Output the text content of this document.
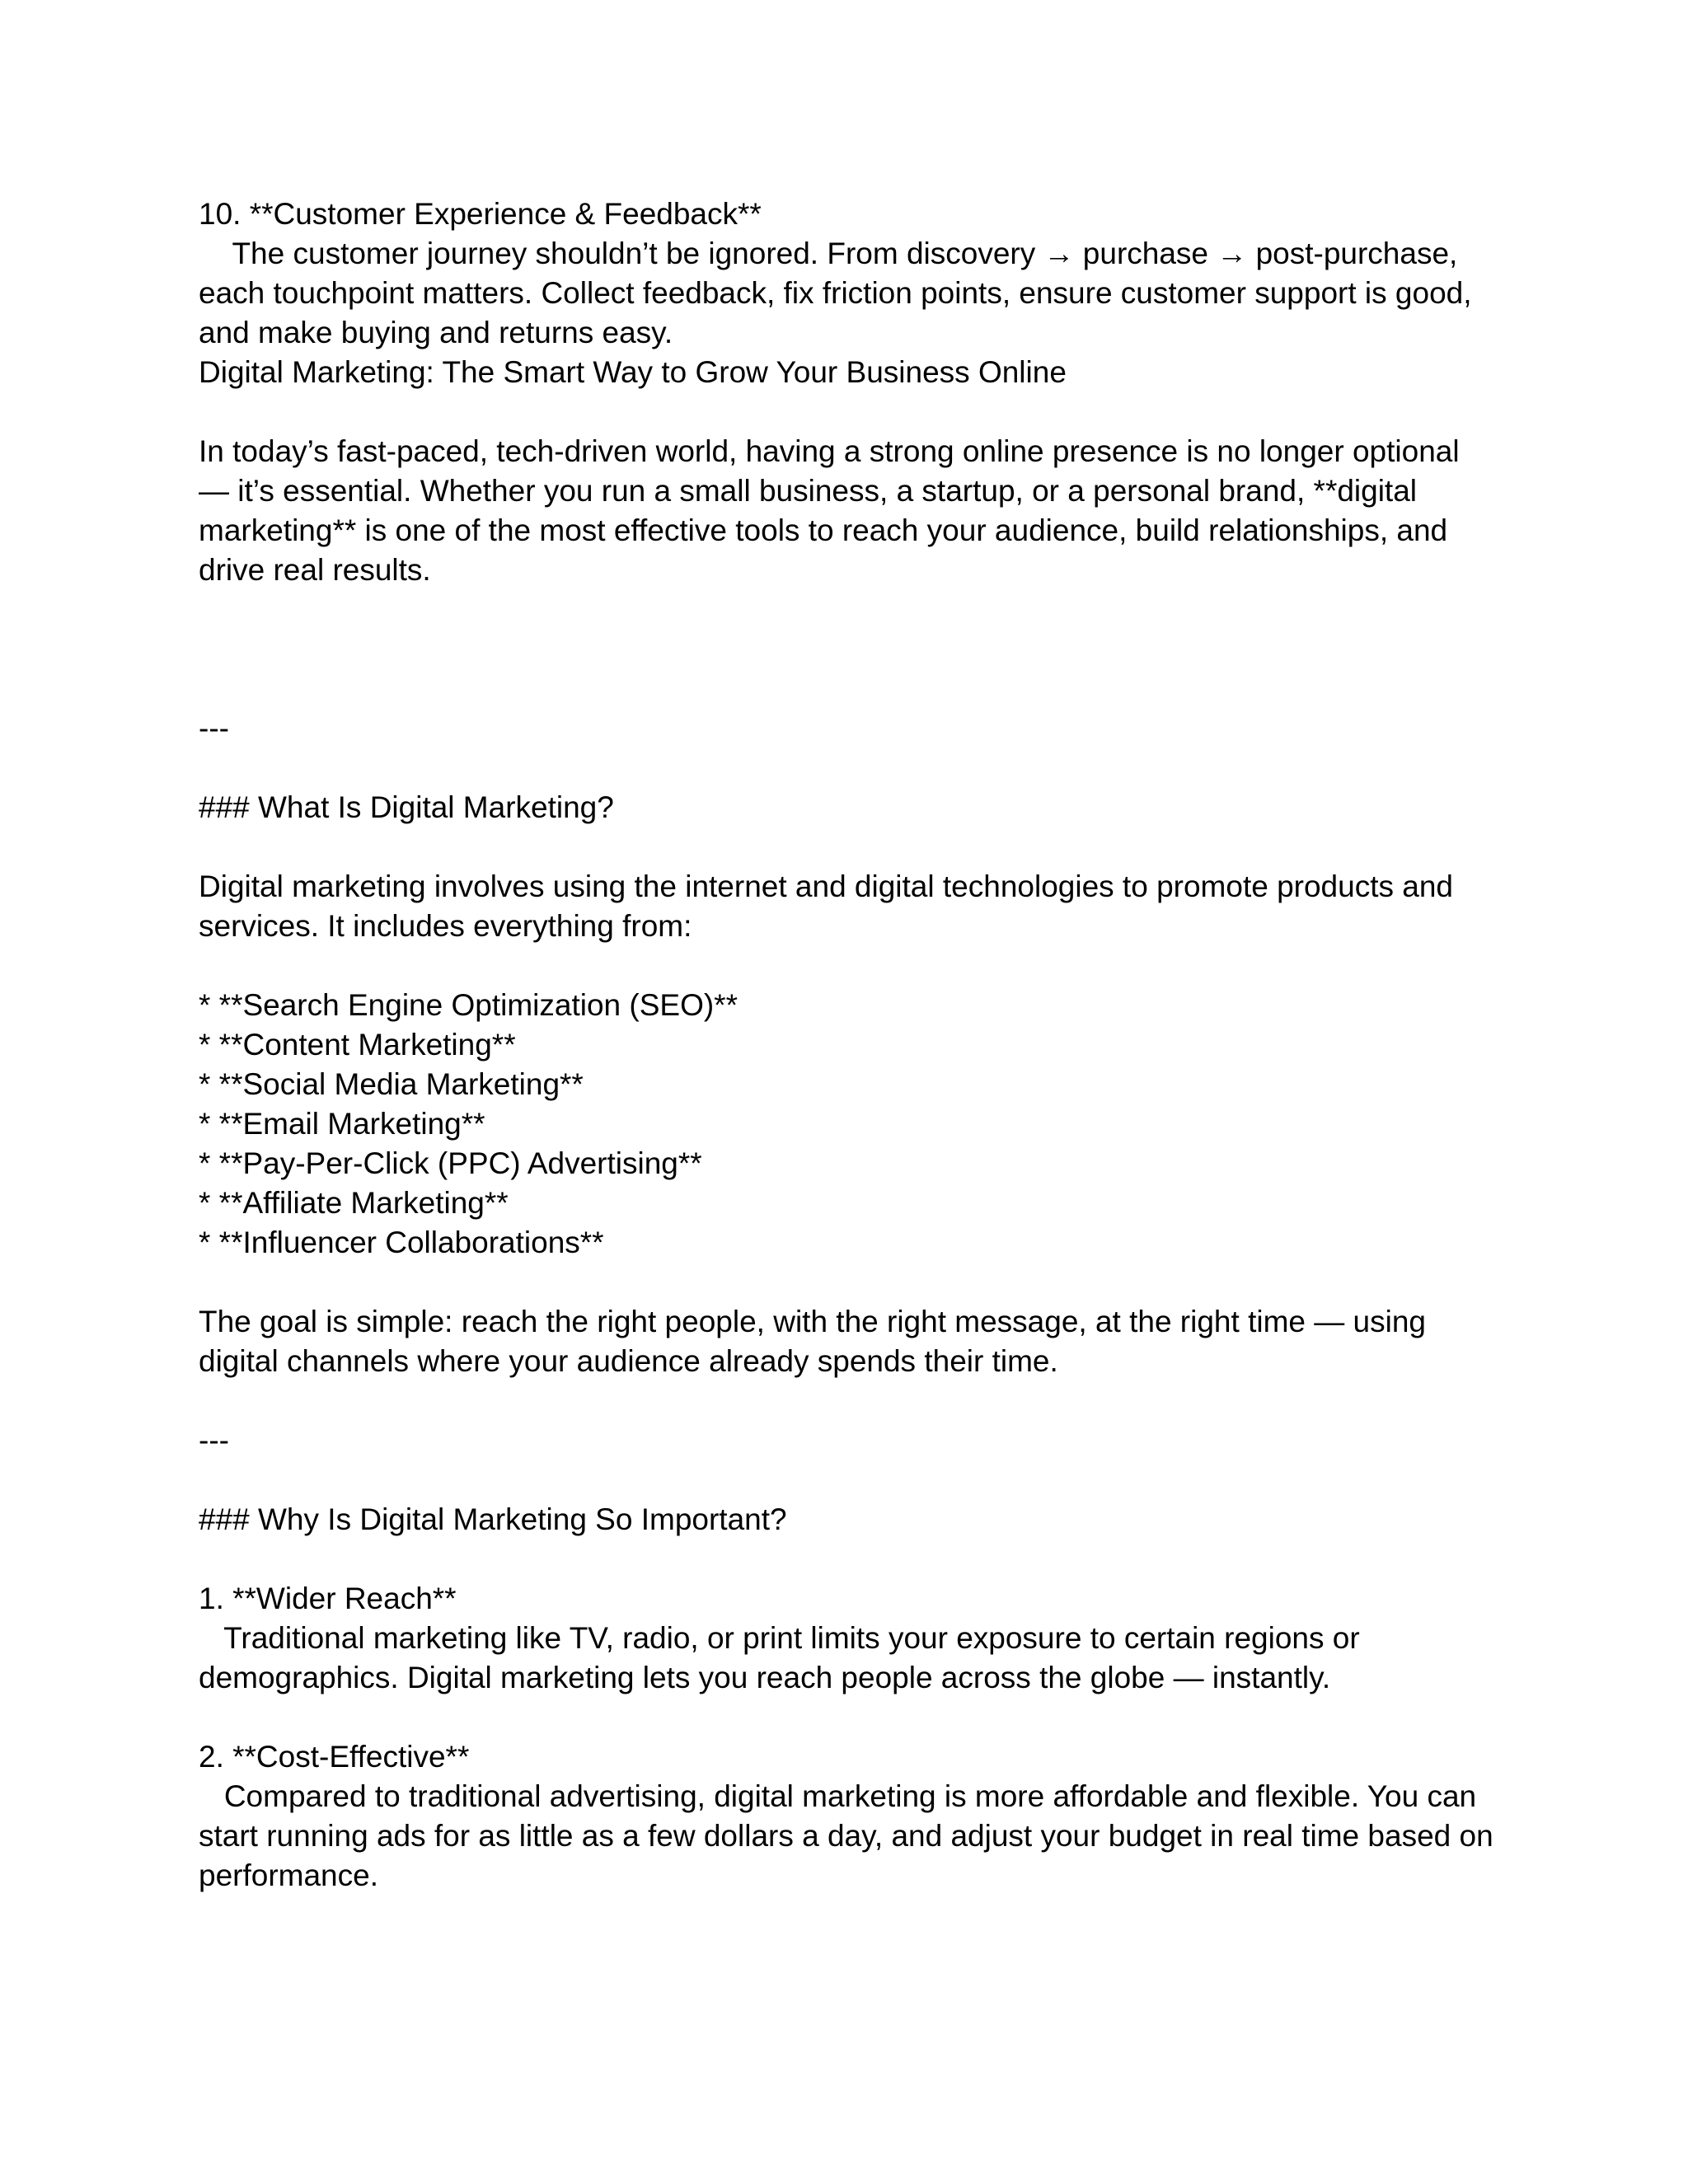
10. **Customer Experience & Feedback**

The customer journey shouldn’t be ignored. From discovery → purchase → post-purchase,

each touchpoint matters. Collect feedback, fix friction points, ensure customer support is good,

and make buying and returns easy.

Digital Marketing: The Smart Way to Grow Your Business Online

In today’s fast-paced, tech-driven world, having a strong online presence is no longer optional

— it’s essential. Whether you run a small business, a startup, or a personal brand, **digital

marketing** is one of the most effective tools to reach your audience, build relationships, and

drive real results.

---

### What Is Digital Marketing?

Digital marketing involves using the internet and digital technologies to promote products and

services. It includes everything from:

* **Search Engine Optimization (SEO)**

* **Content Marketing**

* **Social Media Marketing**

* **Email Marketing**

* **Pay-Per-Click (PPC) Advertising**

* **Affiliate Marketing**

* **Influencer Collaborations**

The goal is simple: reach the right people, with the right message, at the right time — using

digital channels where your audience already spends their time.

---

### Why Is Digital Marketing So Important?

1. **Wider Reach**

Traditional marketing like TV, radio, or print limits your exposure to certain regions or

demographics. Digital marketing lets you reach people across the globe — instantly.

2. **Cost-Effective**

Compared to traditional advertising, digital marketing is more affordable and flexible. You can

start running ads for as little as a few dollars a day, and adjust your budget in real time based on

performance.
